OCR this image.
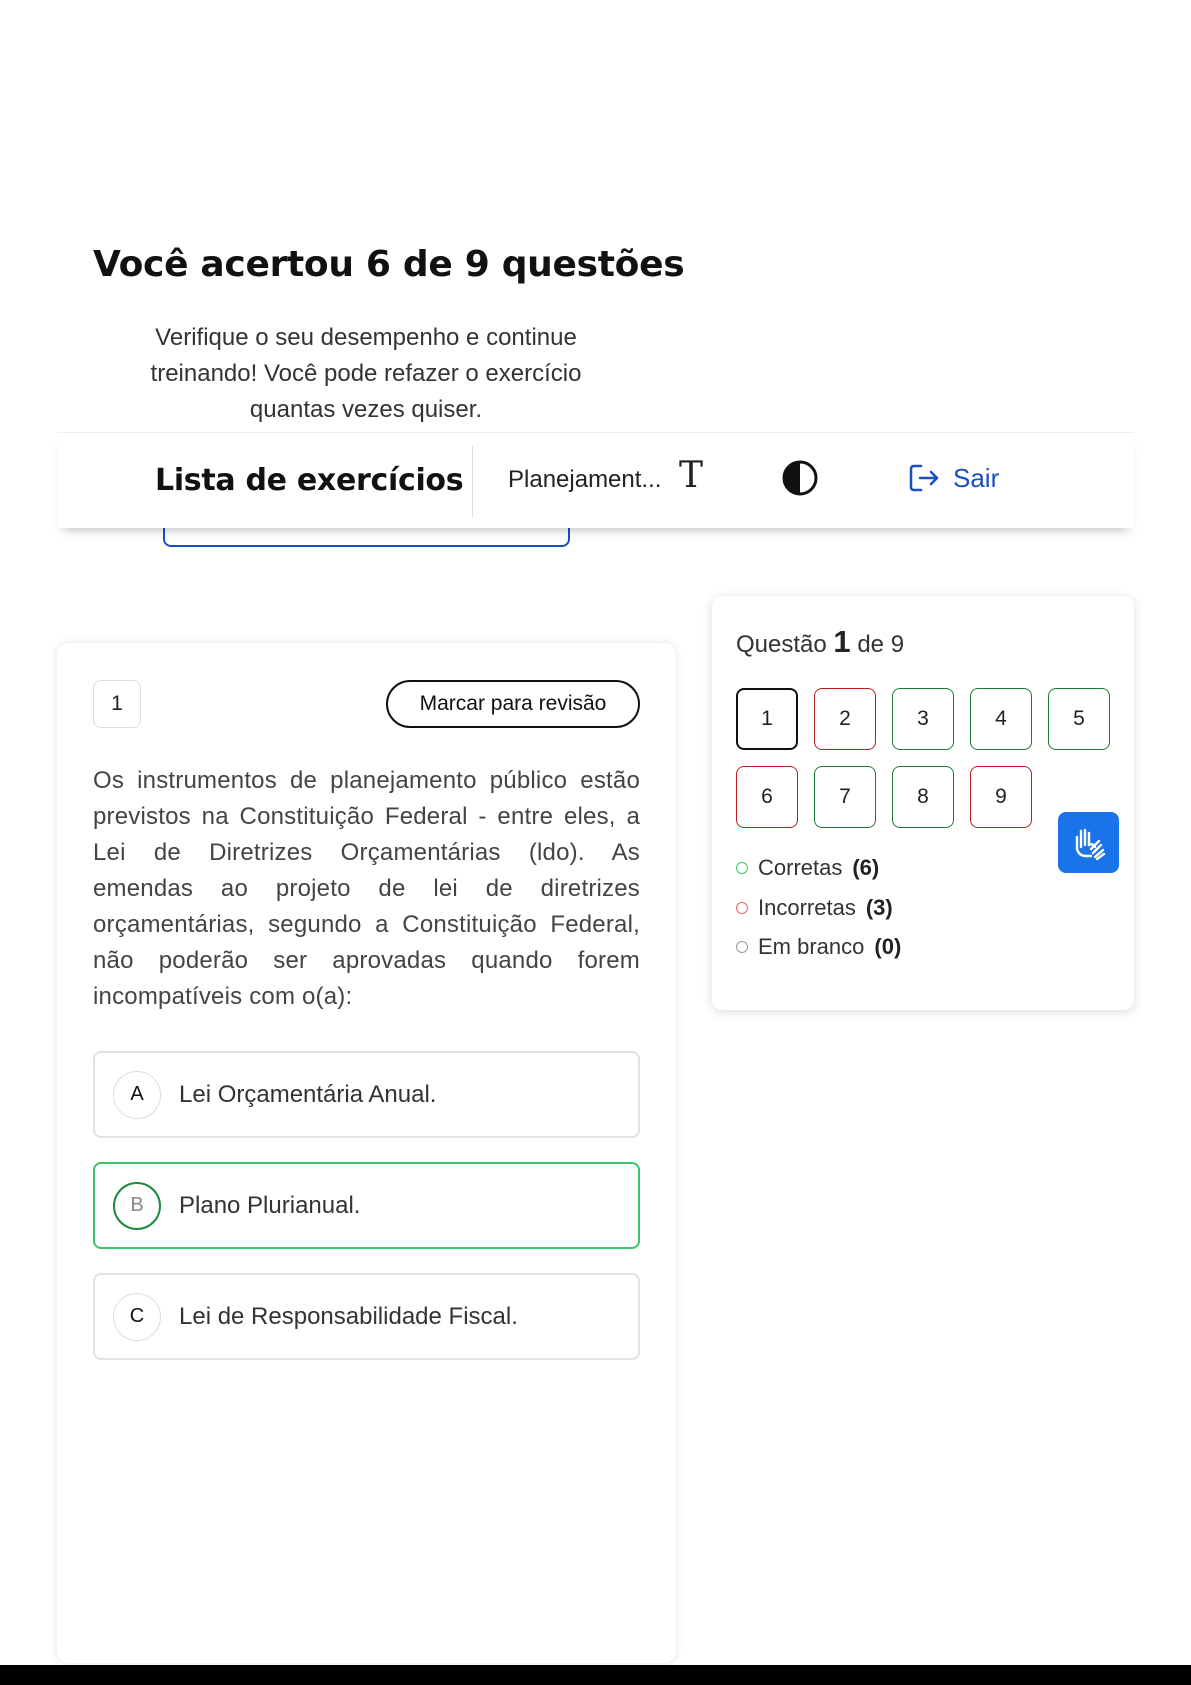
Você acertou 6 de 9 questões
Verifique o seu desempenho e continue treinando! Você pode refazer o exercício quantas vezes quiser.
Lista de exercícios Planejament... T	Sair
1	Marcar para revisão

Os instrumentos de planejamento público estão previstos na Constituição Federal - entre eles, a Lei de Diretrizes Orçamentárias (ldo). As emendas ao projeto de lei de diretrizes orçamentárias, segundo a Constituição Federal, não poderão ser aprovadas quando forem incompatíveis com o(a):

A	Lei Orçamentária Anual.
B	Plano Plurianual.
C	Lei de Responsabilidade Fiscal.
Questão 1 de 9
1	2	3	4	5
6	7	8	9
Corretas (6)
Incorretas (3)
Em branco (0)
